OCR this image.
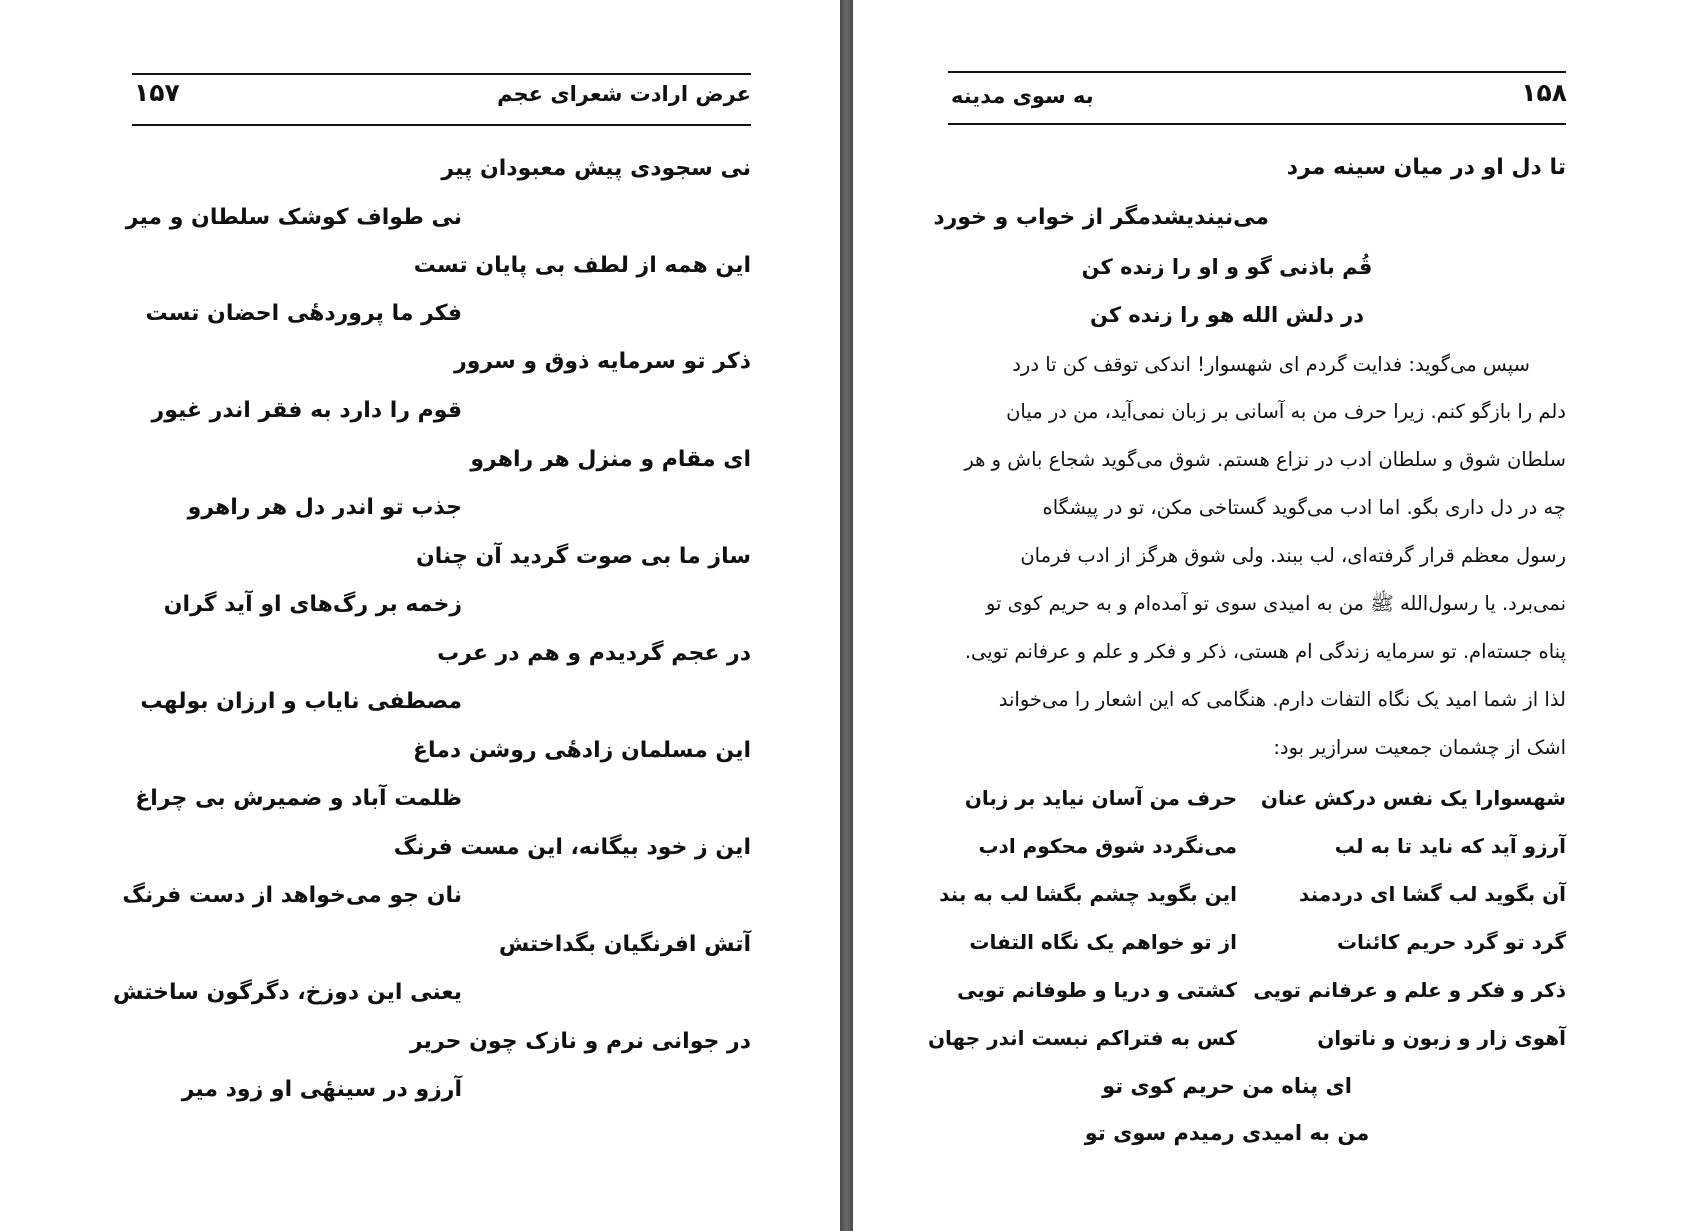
۱۵۷	عرض ارادت شعرای عجم
نی سجودی پیش معبودان پیر
نی طواف کوشک سلطان و میر
این همه از لطف بی پایان تست
فکر ما پروردهٔی احضان تست
ذکر تو سرمایه ذوق و سرور
قوم را دارد به فقر اندر غیور
ای مقام و منزل هر راهرو
جذب تو اندر دل هر راهرو
ساز ما بی صوت گردید آن چنان
زخمه بر رگ‌های او آید گران
در عجم گردیدم و هم در عرب
مصطفی نایاب و ارزان بولهب
این مسلمان زادهٔی روشن دماغ
ظلمت آباد و ضمیرش بی چراغ
این ز خود بیگانه، این مست فرنگ
نان جو می‌خواهد از دست فرنگ
آتش افرنگیان بگداختش
یعنی این دوزخ، دگرگون ساختش
در جوانی نرم و نازک چون حریر
آرزو در سینهٔی او زود میر
۱۵۸
به سوی مدینه
تا دل او در میان سینه مرد
می‌نیندیشدمگر از خواب و خورد
قُم باذنی گو و او را زنده کن
در دلش الله هو را زنده کن
سپس می‌گوید: فدایت گردم ای شهسوار! اندکی توقف کن تا درد
دلم را بازگو کنم. زیرا حرف من به آسانی بر زبان نمی‌آید، من در میان
سلطان شوق و سلطان ادب در نزاع هستم. شوق می‌گوید شجاع باش و هر
چه در دل داری بگو. اما ادب می‌گوید گستاخی مکن، تو در پیشگاه
رسول معظم قرار گرفته‌ای، لب ببند. ولی شوق هرگز از ادب فرمان
نمی‌برد. یا رسول‌الله ﷺ من به امیدی سوی تو آمده‌ام و به حریم کوی تو
پناه جسته‌ام. تو سرمایه زندگی ام هستی، ذکر و فکر و علم و عرفانم تویی.
لذا از شما امید یک نگاه التفات دارم. هنگامی که این اشعار را می‌خواند
اشک از چشمان جمعیت سرازیر بود:
شهسوارا یک نفس درکش عنان
حرف من آسان نیاید بر زبان
آرزو آید که ناید تا به لب
می‌نگردد شوق محکوم ادب
آن بگوید لب گشا ای دردمند
این بگوید چشم بگشا لب به بند
گرد تو گرد حریم کائنات
از تو خواهم یک نگاه التفات
ذکر و فکر و علم و عرفانم تویی
کشتی و دریا و طوفانم تویی
آهوی زار و زبون و ناتوان
کس به فتراکم نبست اندر جهان
ای پناه من حریم کوی تو
من به امیدی رمیدم سوی تو
